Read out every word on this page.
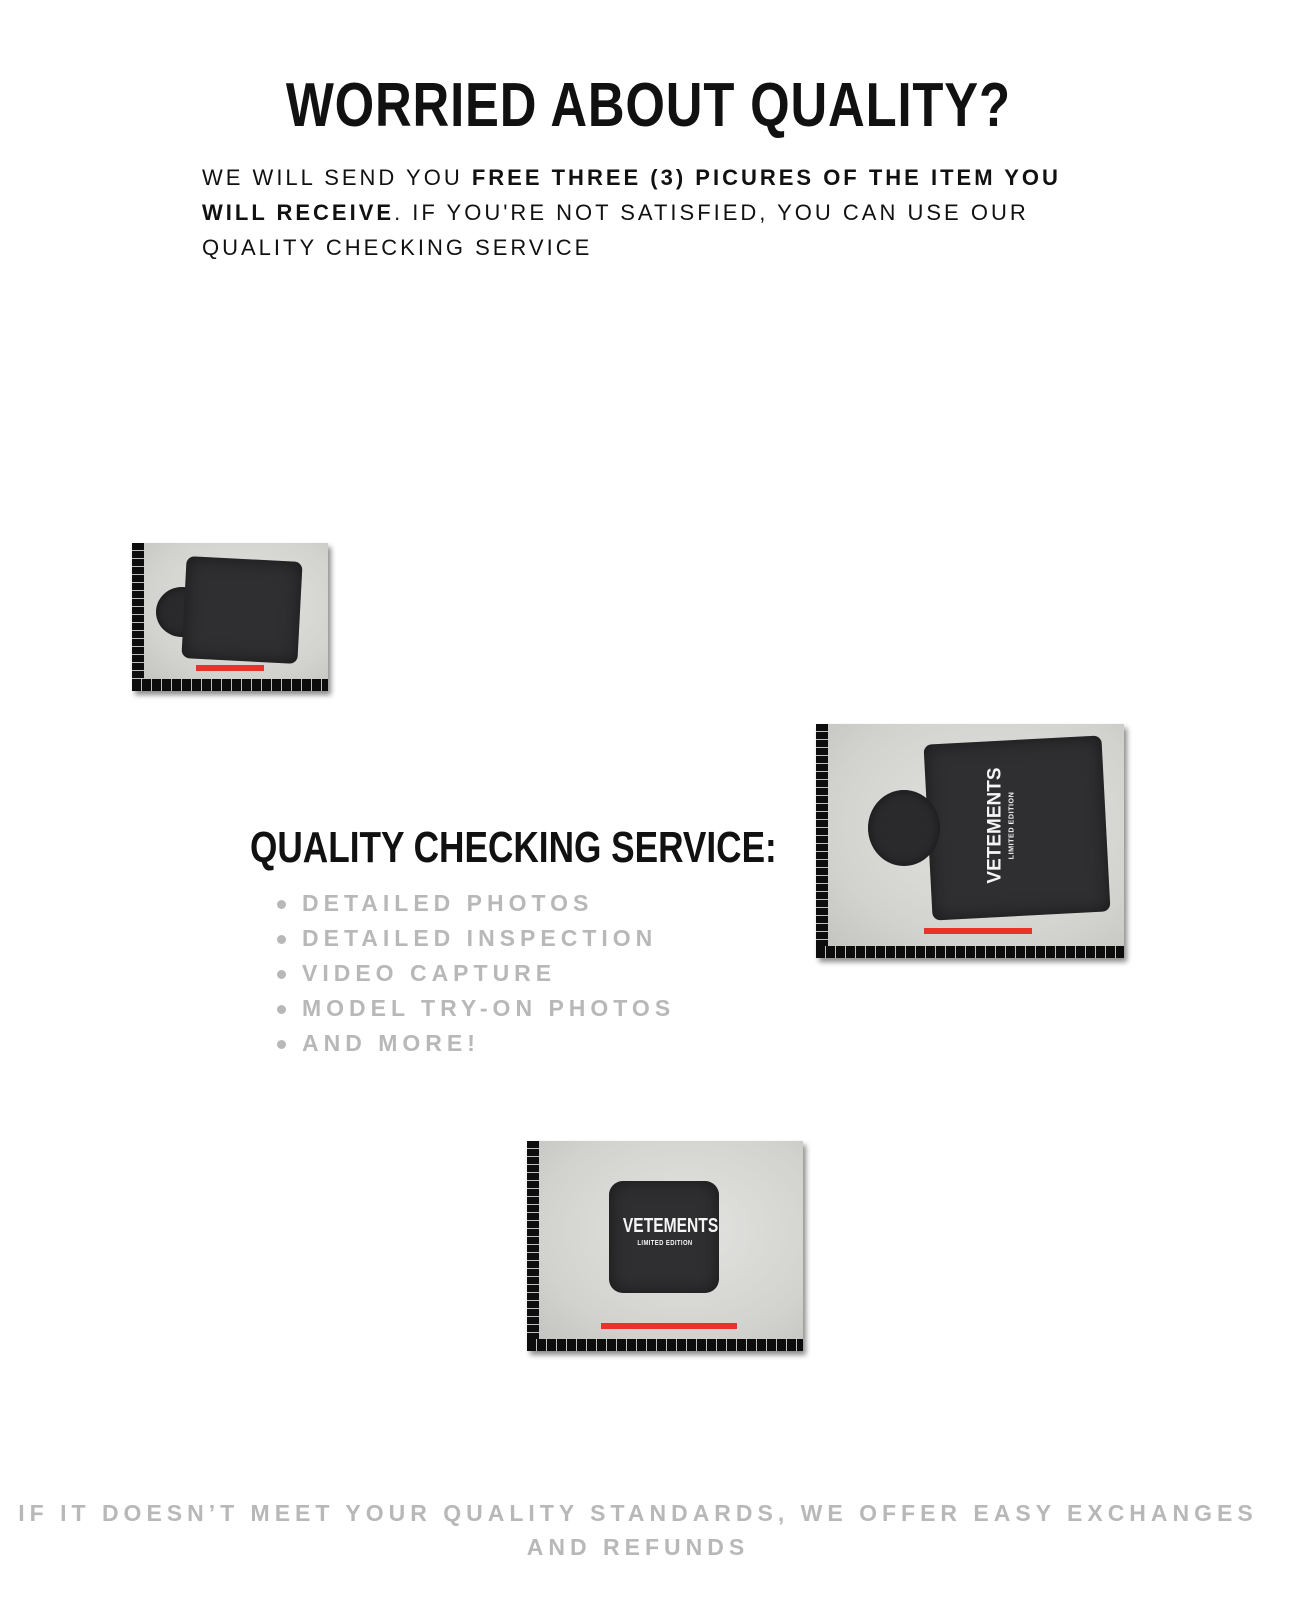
WORRIED ABOUT QUALITY?

WE WILL SEND YOU FREE THREE (3) PICURES OF THE ITEM YOU WILL RECEIVE. IF YOU'RE NOT SATISFIED, YOU CAN USE OUR QUALITY CHECKING SERVICE

VETEMENTS LIMITED EDITION
VETEMENTS
LIMITED EDITION
QUALITY CHECKING SERVICE:
DETAILED PHOTOS
DETAILED INSPECTION
VIDEO CAPTURE
MODEL TRY-ON PHOTOS
AND MORE!

IF IT DOESN’T MEET YOUR QUALITY STANDARDS, WE OFFER EASY EXCHANGES AND REFUNDS
